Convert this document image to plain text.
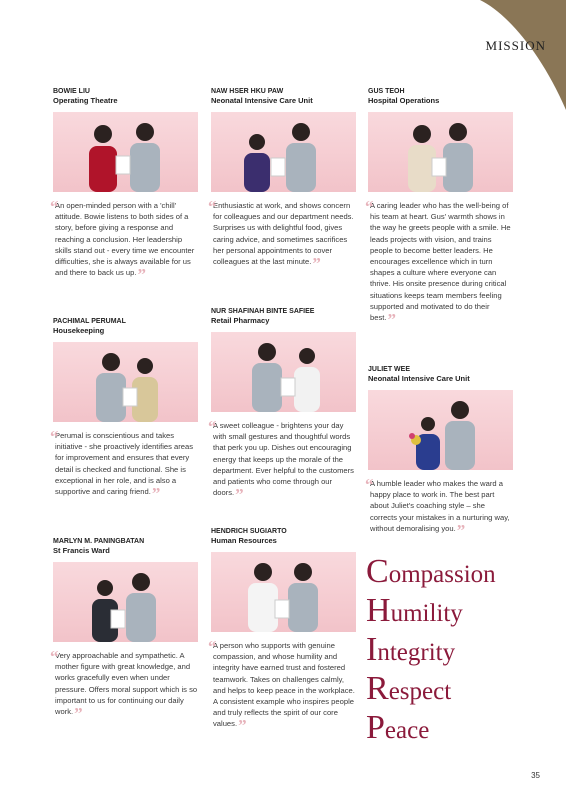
MISSION
BOWIE LIU
Operating Theatre
“
An open-minded person with a 'chill' attitude. Bowie listens to both sides of a story, before giving a response and reaching a conclusion. Her leadership skills stand out - every time we encounter difficulties, she is always available for us and there to back us up.”
PACHIMAL PERUMAL
Housekeeping
“
Perumal is conscientious and takes initiative - she proactively identifies areas for improvement and ensures that every detail is checked and functional. She is exceptional in her role, and is also a supportive and caring friend.”
MARLYN M. PANINGBATAN
St Francis Ward
“
Very approachable and sympathetic. A mother figure with great knowledge, and works gracefully even when under pressure. Offers moral support which is so important to us for continuing our daily work.”
NAW HSER HKU PAW
Neonatal Intensive Care Unit
“
Enthusiastic at work, and shows concern for colleagues and our department needs. Surprises us with delightful food, gives caring advice, and sometimes sacrifices her personal appointments to cover colleagues at the last minute.”
NUR SHAFINAH BINTE SAFIEE
Retail Pharmacy
“
A sweet colleague - brightens your day with small gestures and thoughtful words that perk you up. Dishes out encouraging energy that keeps up the morale of the department. Ever helpful to the customers and patients who come through our doors.”
HENDRICH SUGIARTO
Human Resources
“
A person who supports with genuine compassion, and whose humility and integrity have earned trust and fostered teamwork. Takes on challenges calmly, and helps to keep peace in the workplace. A consistent example who inspires people and truly reflects the spirit of our core values.”
GUS TEOH
Hospital Operations
“
A caring leader who has the well-being of his team at heart. Gus' warmth shows in the way he greets people with a smile. He leads projects with vision, and trains people to become better leaders. He encourages excellence which in turn shapes a culture where everyone can thrive. His onsite presence during critical situations keeps team members feeling supported and motivated to do their best.”
JULIET WEE
Neonatal Intensive Care Unit
“
A humble leader who makes the ward a happy place to work in. The best part about Juliet's coaching style – she corrects your mistakes in a nurturing way, without demoralising you.”
Compassion
Humility
Integrity
Respect
Peace
35
